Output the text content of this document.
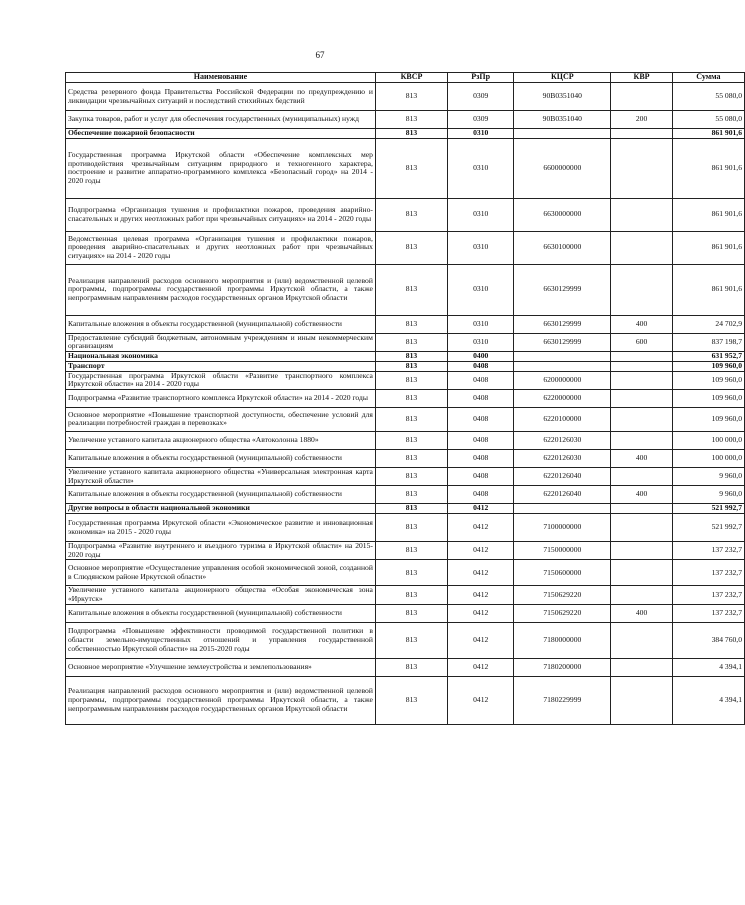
67
Наименование	КВСР	РзПр	КЦСР	КВР	Сумма
Средства резервного фонда Правительства Российской Федерации по предупреждению и ликвидации чрезвычайных ситуаций и последствий стихийных бедствий	813	0309	90В0351040		55 080,0
Закупка товаров, работ и услуг для обеспечения государственных (муниципальных) нужд	813	0309	90В0351040	200	55 080,0
Обеспечение пожарной безопасности	813	0310			861 901,6
Государственная программа Иркутской области «Обеспечение комплексных мер противодействия чрезвычайным ситуациям природного и техногенного характера, построение и развитие аппаратно-программного комплекса «Безопасный город» на 2014 - 2020 годы	813	0310	6600000000		861 901,6
Подпрограмма «Организация тушения и профилактики пожаров, проведения аварийно-спасательных и других неотложных работ при чрезвычайных ситуациях» на 2014 - 2020 годы	813	0310	6630000000		861 901,6
Ведомственная целевая программа «Организация тушения и профилактики пожаров, проведения аварийно-спасательных и других неотложных работ при чрезвычайных ситуациях» на 2014 - 2020 годы	813	0310	6630100000		861 901,6
Реализация направлений расходов основного мероприятия и (или) ведомственной целевой программы, подпрограммы государственной программы Иркутской области, а также непрограммным направлениям расходов государственных органов Иркутской области	813	0310	6630129999		861 901,6
Капитальные вложения в объекты государственной (муниципальной) собственности	813	0310	6630129999	400	24 702,9
Предоставление субсидий бюджетным, автономным учреждениям и иным некоммерческим организациям	813	0310	6630129999	600	837 198,7
Национальная экономика	813	0400			631 952,7
Транспорт	813	0408			109 960,0
Государственная программа Иркутской области «Развитие транспортного комплекса Иркутской области» на 2014 - 2020 годы	813	0408	6200000000		109 960,0
Подпрограмма «Развитие транспортного комплекса Иркутской области» на 2014 - 2020 годы	813	0408	6220000000		109 960,0
Основное мероприятие «Повышение транспортной доступности, обеспечение условий для реализации потребностей граждан в перевозках»	813	0408	6220100000		109 960,0
Увеличение уставного капитала акционерного общества «Автоколонна 1880»	813	0408	6220126030		100 000,0
Капитальные вложения в объекты государственной (муниципальной) собственности	813	0408	6220126030	400	100 000,0
Увеличение уставного капитала акционерного общества «Универсальная электронная карта Иркутской области»	813	0408	6220126040		9 960,0
Капитальные вложения в объекты государственной (муниципальной) собственности	813	0408	6220126040	400	9 960,0
Другие вопросы в области национальной экономики	813	0412			521 992,7
Государственная программа Иркутской области «Экономическое развитие и инновационная экономика» на 2015 - 2020 годы	813	0412	7100000000		521 992,7
Подпрограмма «Развитие внутреннего и въездного туризма в Иркутской области» на 2015-2020 годы	813	0412	7150000000		137 232,7
Основное мероприятие «Осуществление управления особой экономической зоной, созданной в Слюдянском районе Иркутской области»	813	0412	7150600000		137 232,7
Увеличение уставного капитала акционерного общества «Особая экономическая зона «Иркутск»	813	0412	7150629220		137 232,7
Капитальные вложения в объекты государственной (муниципальной) собственности	813	0412	7150629220	400	137 232,7
Подпрограмма «Повышение эффективности проводимой государственной политики в области земельно-имущественных отношений и управления государственной собственностью Иркутской области» на 2015-2020 годы	813	0412	7180000000		384 760,0
Основное мероприятие «Улучшение землеустройства и землепользования»	813	0412	7180200000		4 394,1
Реализация направлений расходов основного мероприятия и (или) ведомственной целевой программы, подпрограммы государственной программы Иркутской области, а также непрограммным направлениям расходов государственных органов Иркутской области	813	0412	7180229999		4 394,1
